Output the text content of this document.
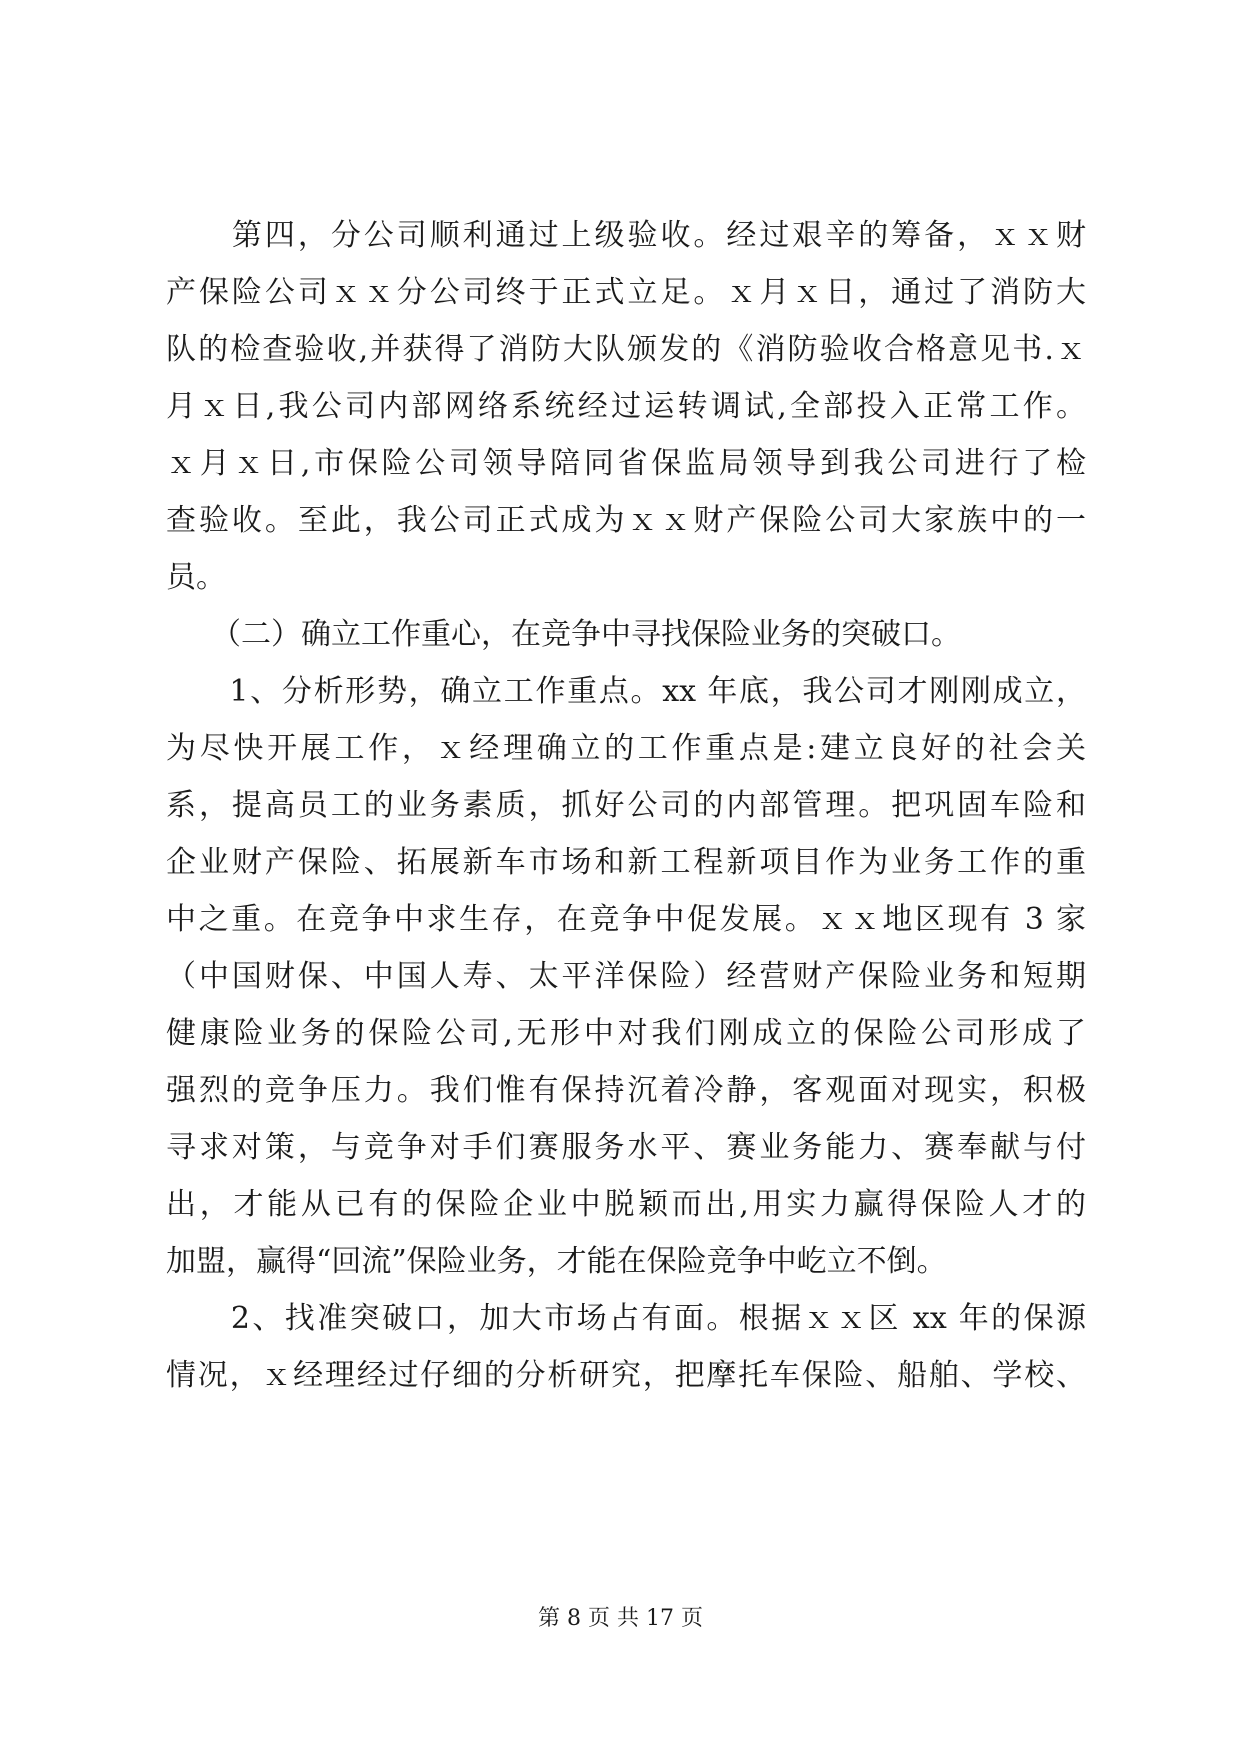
　　第四，分公司顺利通过上级验收。经过艰辛的筹备，ｘｘ财
产保险公司ｘｘ分公司终于正式立足。ｘ月ｘ日，通过了消防大
队的检查验收,并获得了消防大队颁发的《消防验收合格意见书.ｘ
月ｘ日,我公司内部网络系统经过运转调试,全部投入正常工作。
ｘ月ｘ日,市保险公司领导陪同省保监局领导到我公司进行了检
查验收。至此，我公司正式成为ｘｘ财产保险公司大家族中的一
员。
　　（二）确立工作重心，在竞争中寻找保险业务的突破口。
　　1、分析形势，确立工作重点。xx 年底，我公司才刚刚成立，
为尽快开展工作，ｘ经理确立的工作重点是:建立良好的社会关
系，提高员工的业务素质，抓好公司的内部管理。把巩固车险和
企业财产保险、拓展新车市场和新工程新项目作为业务工作的重
中之重。在竞争中求生存，在竞争中促发展。ｘｘ地区现有 3 家
（中国财保、中国人寿、太平洋保险）经营财产保险业务和短期
健康险业务的保险公司,无形中对我们刚成立的保险公司形成了
强烈的竞争压力。我们惟有保持沉着冷静，客观面对现实，积极
寻求对策，与竞争对手们赛服务水平、赛业务能力、赛奉献与付
出，才能从已有的保险企业中脱颖而出,用实力赢得保险人才的
加盟，赢得“回流”保险业务，才能在保险竞争中屹立不倒。
　　2、找准突破口，加大市场占有面。根据ｘｘ区 xx 年的保源
情况，ｘ经理经过仔细的分析研究，把摩托车保险、船舶、学校、
第 8 页 共 17 页
